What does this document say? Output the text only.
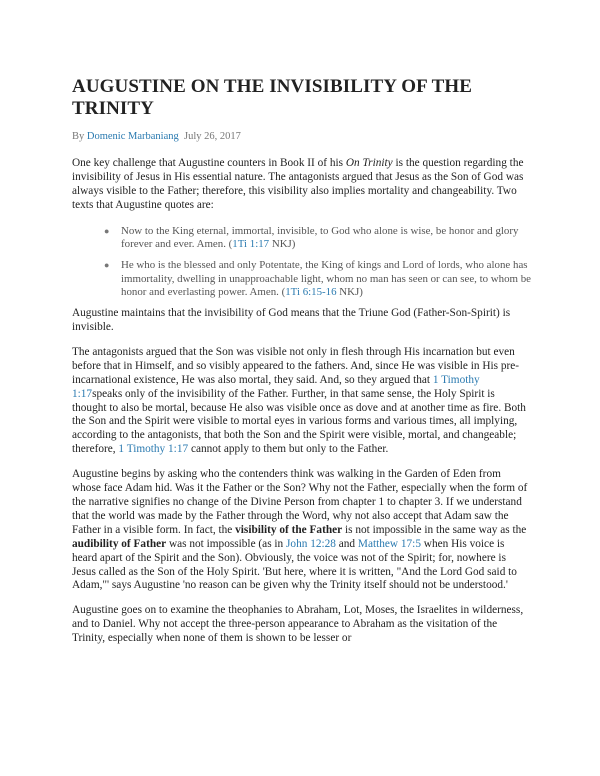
AUGUSTINE ON THE INVISIBILITY OF THE TRINITY
By Domenic Marbaniang July 26, 2017

One key challenge that Augustine counters in Book II of his On Trinity is the question regarding the invisibility of Jesus in His essential nature. The antagonists argued that Jesus as the Son of God was always visible to the Father; therefore, this visibility also implies mortality and changeability. Two texts that Augustine quotes are:

● Now to the King eternal, immortal, invisible, to God who alone is wise, be honor and glory forever and ever. Amen. (1Ti 1:17 NKJ)
● He who is the blessed and only Potentate, the King of kings and Lord of lords, who alone has immortality, dwelling in unapproachable light, whom no man has seen or can see, to whom be honor and everlasting power. Amen. (1Ti 6:15-16 NKJ)

Augustine maintains that the invisibility of God means that the Triune God (Father-Son-Spirit) is invisible.

The antagonists argued that the Son was visible not only in flesh through His incarnation but even before that in Himself, and so visibly appeared to the fathers. And, since He was visible in His pre-incarnational existence, He was also mortal, they said. And, so they argued that 1 Timothy 1:17speaks only of the invisibility of the Father. Further, in that same sense, the Holy Spirit is thought to also be mortal, because He also was visible once as dove and at another time as fire. Both the Son and the Spirit were visible to mortal eyes in various forms and various times, all implying, according to the antagonists, that both the Son and the Spirit were visible, mortal, and changeable; therefore, 1 Timothy 1:17 cannot apply to them but only to the Father.

Augustine begins by asking who the contenders think was walking in the Garden of Eden from whose face Adam hid. Was it the Father or the Son? Why not the Father, especially when the form of the narrative signifies no change of the Divine Person from chapter 1 to chapter 3. If we understand that the world was made by the Father through the Word, why not also accept that Adam saw the Father in a visible form. In fact, the visibility of the Father is not impossible in the same way as the audibility of Father was not impossible (as in John 12:28 and Matthew 17:5 when His voice is heard apart of the Spirit and the Son). Obviously, the voice was not of the Spirit; for, nowhere is Jesus called as the Son of the Holy Spirit. 'But here, where it is written, "And the Lord God said to Adam,"' says Augustine 'no reason can be given why the Trinity itself should not be understood.'

Augustine goes on to examine the theophanies to Abraham, Lot, Moses, the Israelites in wilderness, and to Daniel. Why not accept the three-person appearance to Abraham as the visitation of the Trinity, especially when none of them is shown to be lesser or
